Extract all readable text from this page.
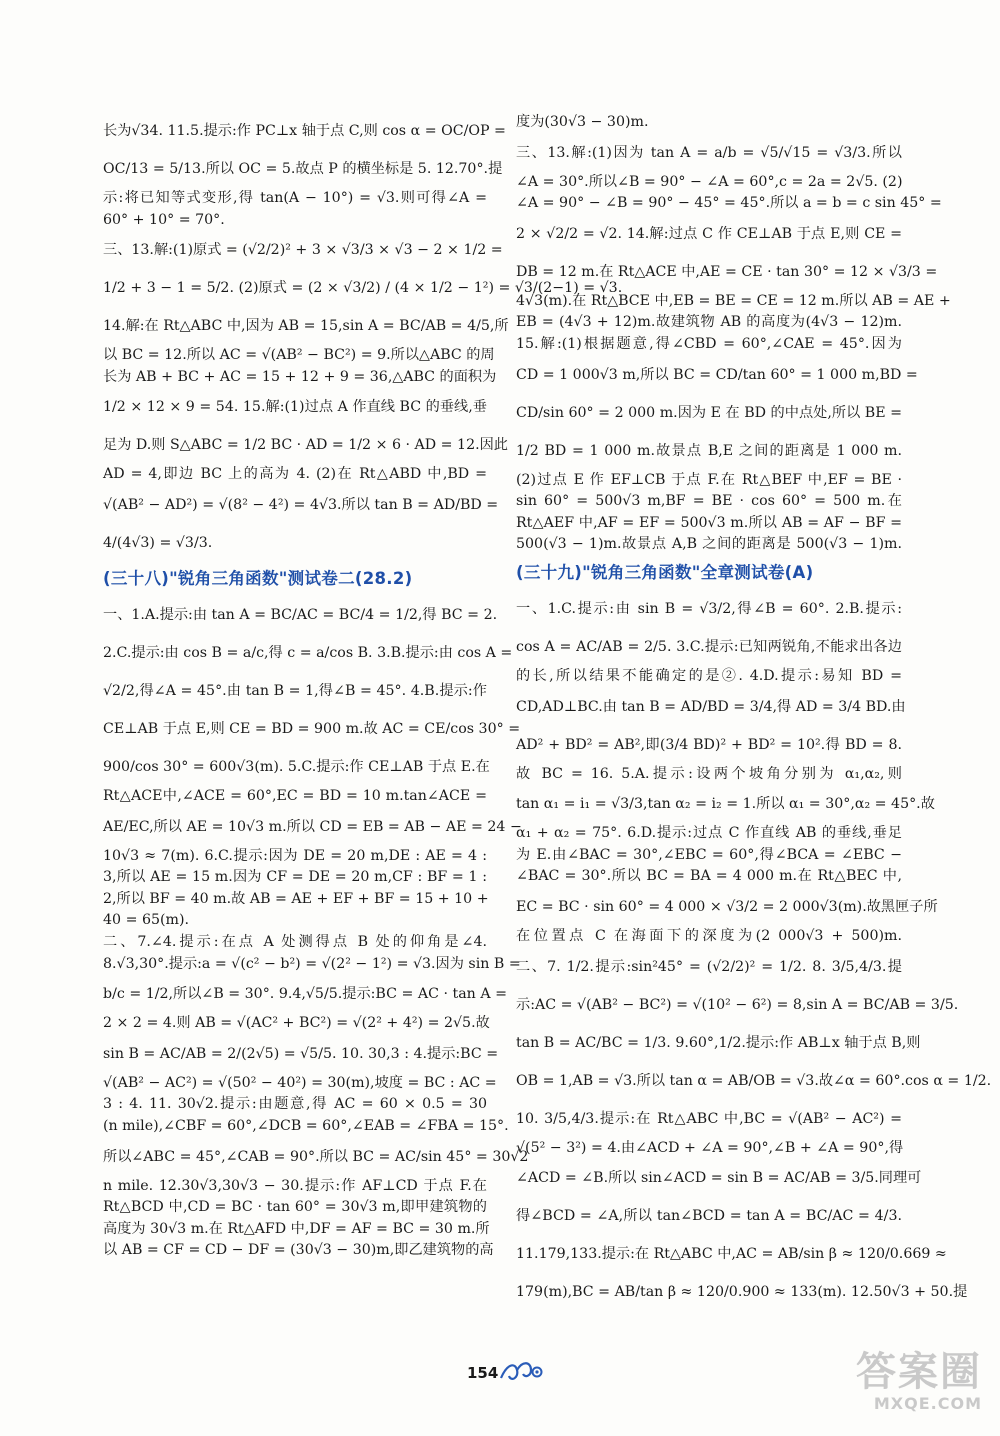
长为√34. 11.5.提示:作 PC⊥x 轴于点 C,则 cos α = OC/OP =
OC/13 = 5/13.所以 OC = 5.故点 P 的横坐标是 5. 12.70°.提
示:将已知等式变形,得 tan(A − 10°) = √3.则可得∠A =
60° + 10° = 70°.
三、13.解:(1)原式 = (√2/2)² + 3 × √3/3 × √3 − 2 × 1/2 =
1/2 + 3 − 1 = 5/2. (2)原式 = (2 × √3/2) / (4 × 1/2 − 1²) = √3/(2−1) = √3.
14.解:在 Rt△ABC 中,因为 AB = 15,sin A = BC/AB = 4/5,所
以 BC = 12.所以 AC = √(AB² − BC²) = 9.所以△ABC 的周
长为 AB + BC + AC = 15 + 12 + 9 = 36,△ABC 的面积为
1/2 × 12 × 9 = 54. 15.解:(1)过点 A 作直线 BC 的垂线,垂
足为 D.则 S△ABC = 1/2 BC · AD = 1/2 × 6 · AD = 12.因此
AD = 4,即边 BC 上的高为 4. (2)在 Rt△ABD 中,BD =
√(AB² − AD²) = √(8² − 4²) = 4√3.所以 tan B = AD/BD =
4/(4√3) = √3/3.
(三十八)"锐角三角函数"测试卷二(28.2)
一、1.A.提示:由 tan A = BC/AC = BC/4 = 1/2,得 BC = 2.
2.C.提示:由 cos B = a/c,得 c = a/cos B. 3.B.提示:由 cos A =
√2/2,得∠A = 45°.由 tan B = 1,得∠B = 45°. 4.B.提示:作
CE⊥AB 于点 E,则 CE = BD = 900 m.故 AC = CE/cos 30° =
900/cos 30° = 600√3(m). 5.C.提示:作 CE⊥AB 于点 E.在
Rt△ACE中,∠ACE = 60°,EC = BD = 10 m.tan∠ACE =
AE/EC,所以 AE = 10√3 m.所以 CD = EB = AB − AE = 24 −
10√3 ≈ 7(m). 6.C.提示:因为 DE = 20 m,DE : AE = 4 :
3,所以 AE = 15 m.因为 CF = DE = 20 m,CF : BF = 1 :
2,所以 BF = 40 m.故 AB = AE + EF + BF = 15 + 10 +
40 = 65(m).
二、7.∠4.提示:在点 A 处测得点 B 处的仰角是∠4.
8.√3,30°.提示:a = √(c² − b²) = √(2² − 1²) = √3.因为 sin B =
b/c = 1/2,所以∠B = 30°. 9.4,√5/5.提示:BC = AC · tan A =
2 × 2 = 4.则 AB = √(AC² + BC²) = √(2² + 4²) = 2√5.故
sin B = AC/AB = 2/(2√5) = √5/5. 10. 30,3 : 4.提示:BC =
√(AB² − AC²) = √(50² − 40²) = 30(m),坡度 = BC : AC =
3 : 4. 11. 30√2.提示:由题意,得 AC = 60 × 0.5 = 30
(n mile),∠CBF = 60°,∠DCB = 60°,∠EAB = ∠FBA = 15°.
所以∠ABC = 45°,∠CAB = 90°.所以 BC = AC/sin 45° = 30√2
n mile. 12.30√3,30√3 − 30.提示:作 AF⊥CD 于点 F.在
Rt△BCD 中,CD = BC · tan 60° = 30√3 m,即甲建筑物的
高度为 30√3 m.在 Rt△AFD 中,DF = AF = BC = 30 m.所
以 AB = CF = CD − DF = (30√3 − 30)m,即乙建筑物的高
度为(30√3 − 30)m.
三、13.解:(1)因为 tan A = a/b = √5/√15 = √3/3.所以
∠A = 30°.所以∠B = 90° − ∠A = 60°,c = 2a = 2√5. (2)
∠A = 90° − ∠B = 90° − 45° = 45°.所以 a = b = c sin 45° =
2 × √2/2 = √2. 14.解:过点 C 作 CE⊥AB 于点 E,则 CE =
DB = 12 m.在 Rt△ACE 中,AE = CE · tan 30° = 12 × √3/3 =
4√3(m).在 Rt△BCE 中,EB = BE = CE = 12 m.所以 AB = AE +
EB = (4√3 + 12)m.故建筑物 AB 的高度为(4√3 − 12)m.
15.解:(1)根据题意,得∠CBD = 60°,∠CAE = 45°.因为
CD = 1 000√3 m,所以 BC = CD/tan 60° = 1 000 m,BD =
CD/sin 60° = 2 000 m.因为 E 在 BD 的中点处,所以 BE =
1/2 BD = 1 000 m.故景点 B,E 之间的距离是 1 000 m.
(2)过点 E 作 EF⊥CB 于点 F.在 Rt△BEF 中,EF = BE ·
sin 60° = 500√3 m,BF = BE · cos 60° = 500 m.在
Rt△AEF 中,AF = EF = 500√3 m.所以 AB = AF − BF =
500(√3 − 1)m.故景点 A,B 之间的距离是 500(√3 − 1)m.
(三十九)"锐角三角函数"全章测试卷(A)
一、1.C.提示:由 sin B = √3/2,得∠B = 60°. 2.B.提示:
cos A = AC/AB = 2/5. 3.C.提示:已知两锐角,不能求出各边
的长,所以结果不能确定的是②. 4.D.提示:易知 BD =
CD,AD⊥BC.由 tan B = AD/BD = 3/4,得 AD = 3/4 BD.由
AD² + BD² = AB²,即(3/4 BD)² + BD² = 10².得 BD = 8.
故 BC = 16. 5.A.提示:设两个坡角分别为 α₁,α₂,则
tan α₁ = i₁ = √3/3,tan α₂ = i₂ = 1.所以 α₁ = 30°,α₂ = 45°.故
α₁ + α₂ = 75°. 6.D.提示:过点 C 作直线 AB 的垂线,垂足
为 E.由∠BAC = 30°,∠EBC = 60°,得∠BCA = ∠EBC −
∠BAC = 30°.所以 BC = BA = 4 000 m.在 Rt△BEC 中,
EC = BC · sin 60° = 4 000 × √3/2 = 2 000√3(m).故黑匣子所
在位置点 C 在海面下的深度为(2 000√3 + 500)m.
二、7. 1/2.提示:sin²45° = (√2/2)² = 1/2. 8. 3/5,4/3.提
示:AC = √(AB² − BC²) = √(10² − 6²) = 8,sin A = BC/AB = 3/5.
tan B = AC/BC = 1/3. 9.60°,1/2.提示:作 AB⊥x 轴于点 B,则
OB = 1,AB = √3.所以 tan α = AB/OB = √3.故∠α = 60°.cos α = 1/2.
10. 3/5,4/3.提示:在 Rt△ABC 中,BC = √(AB² − AC²) =
√(5² − 3²) = 4.由∠ACD + ∠A = 90°,∠B + ∠A = 90°,得
∠ACD = ∠B.所以 sin∠ACD = sin B = AC/AB = 3/5.同理可
得∠BCD = ∠A,所以 tan∠BCD = tan A = BC/AC = 4/3.
11.179,133.提示:在 Rt△ABC 中,AC = AB/sin β ≈ 120/0.669 ≈
179(m),BC = AB/tan β ≈ 120/0.900 ≈ 133(m). 12.50√3 + 50.提
154	答案圈
MXQE.COM
